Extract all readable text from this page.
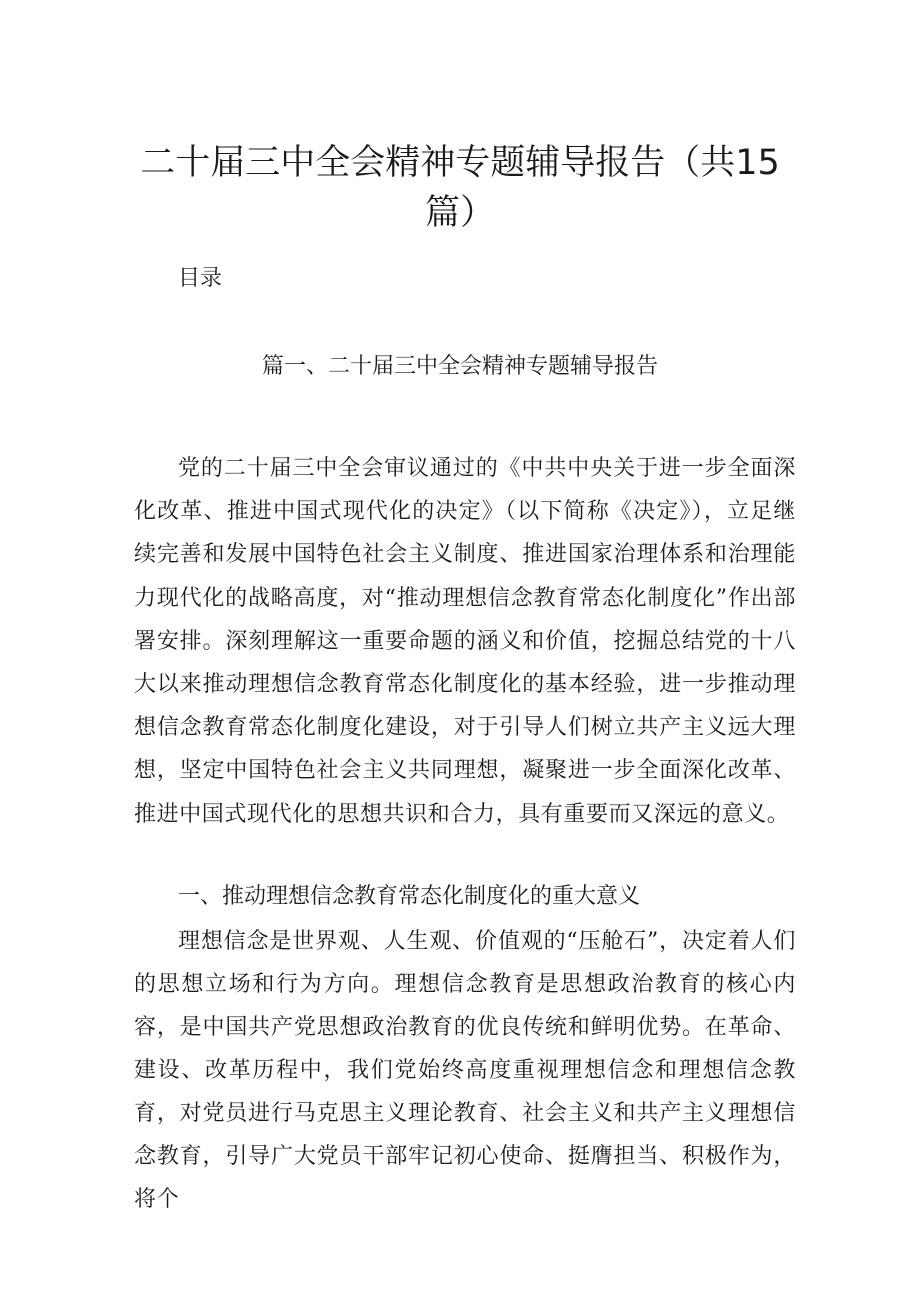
二十届三中全会精神专题辅导报告（共15
篇）
目录
篇一、二十届三中全会精神专题辅导报告

党的二十届三中全会审议通过的《中共中央关于进一步全面深化改革、推进中国式现代化的决定》（以下简称《决定》），立足继续完善和发展中国特色社会主义制度、推进国家治理体系和治理能力现代化的战略高度，对“推动理想信念教育常态化制度化”作出部署安排。深刻理解这一重要命题的涵义和价值，挖掘总结党的十八大以来推动理想信念教育常态化制度化的基本经验，进一步推动理想信念教育常态化制度化建设，对于引导人们树立共产主义远大理想，坚定中国特色社会主义共同理想，凝聚进一步全面深化改革、推进中国式现代化的思想共识和合力，具有重要而又深远的意义。

一、推动理想信念教育常态化制度化的重大意义

理想信念是世界观、人生观、价值观的“压舱石”，决定着人们的思想立场和行为方向。理想信念教育是思想政治教育的核心内容，是中国共产党思想政治教育的优良传统和鲜明优势。在革命、建设、改革历程中，我们党始终高度重视理想信念和理想信念教育，对党员进行马克思主义理论教育、社会主义和共产主义理想信念教育，引导广大党员干部牢记初心使命、挺膺担当、积极作为，将个
